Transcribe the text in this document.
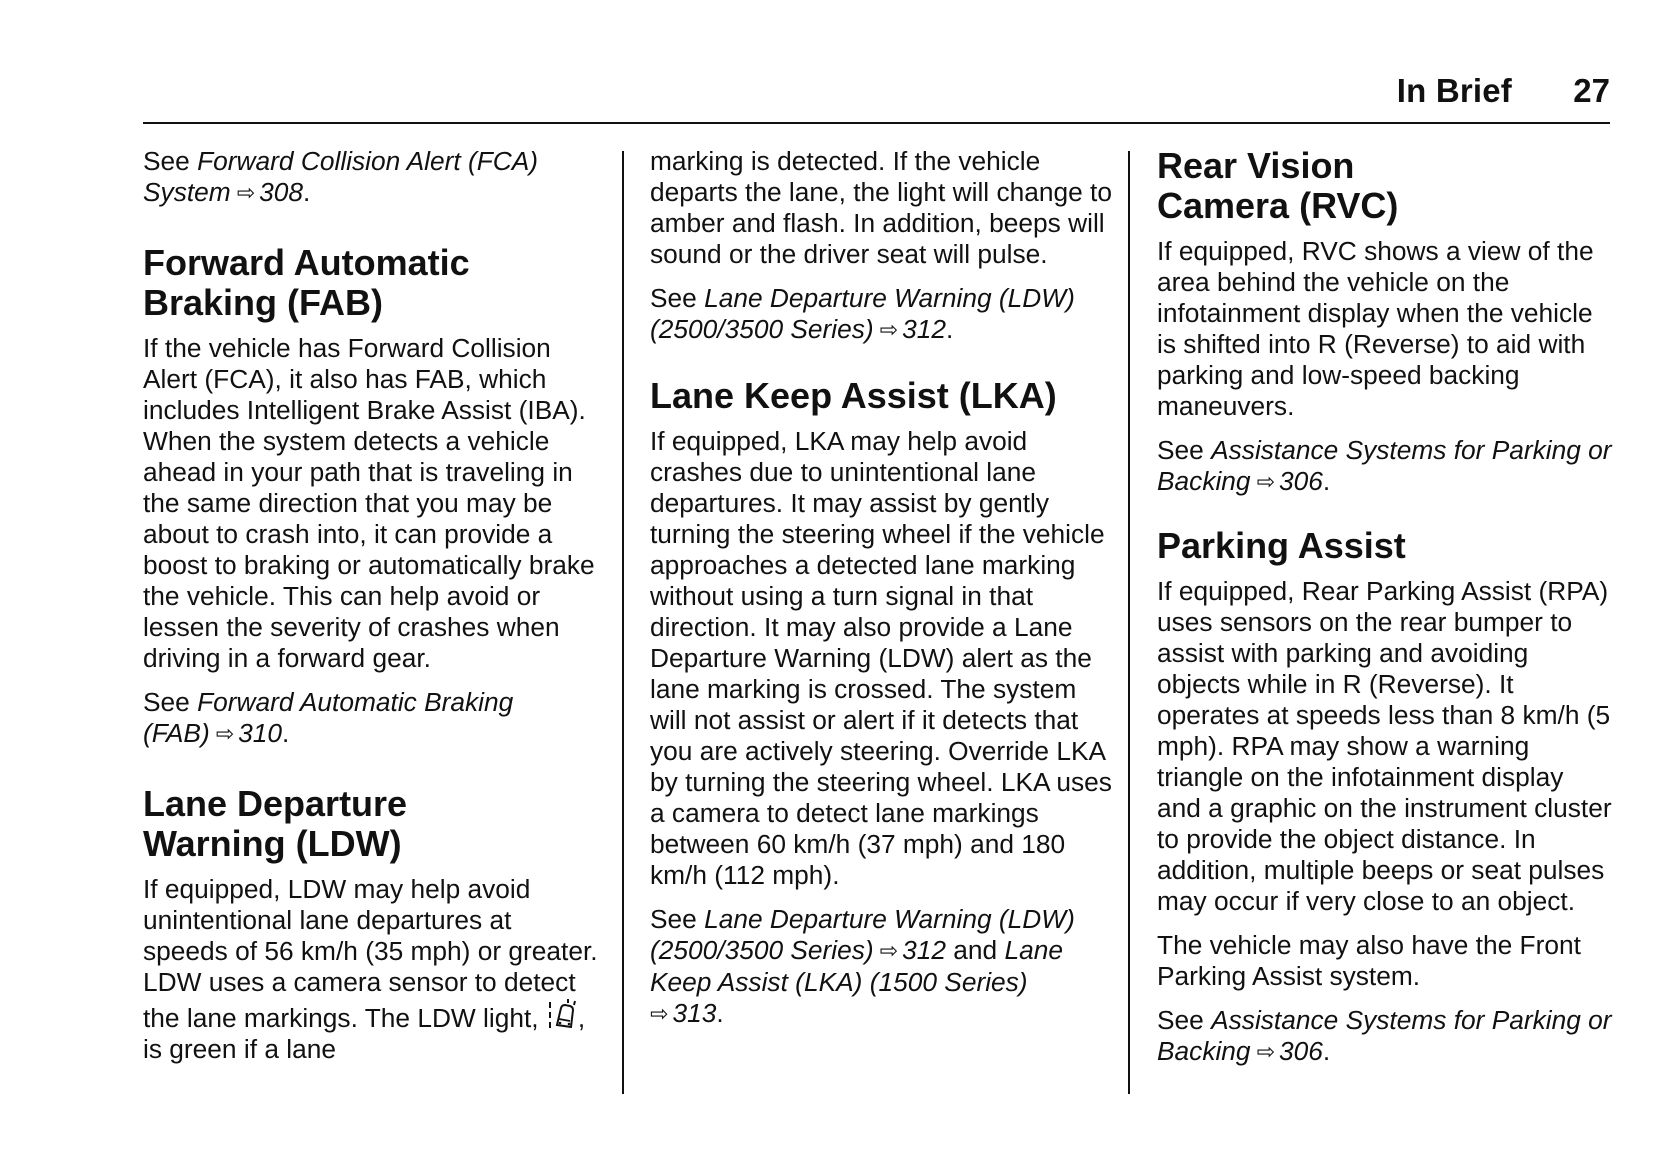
In Brief 27

See Forward Collision Alert (FCA) System ⇨ 308.

Forward Automatic
Braking (FAB)

If the vehicle has Forward Collision Alert (FCA), it also has FAB, which includes Intelligent Brake Assist (IBA). When the system detects a vehicle ahead in your path that is traveling in the same direction that you may be about to crash into, it can provide a boost to braking or automatically brake the vehicle. This can help avoid or lessen the severity of crashes when driving in a forward gear.

See Forward Automatic Braking (FAB) ⇨ 310.

Lane Departure
Warning (LDW)

If equipped, LDW may help avoid unintentional lane departures at speeds of 56 km/h (35 mph) or greater. LDW uses a camera sensor to detect the lane markings. The LDW light, , is green if a lane

marking is detected. If the vehicle departs the lane, the light will change to amber and flash. In addition, beeps will sound or the driver seat will pulse.

See Lane Departure Warning (LDW) (2500/3500 Series) ⇨ 312.

Lane Keep Assist (LKA)

If equipped, LKA may help avoid crashes due to unintentional lane departures. It may assist by gently turning the steering wheel if the vehicle approaches a detected lane marking without using a turn signal in that direction. It may also provide a Lane Departure Warning (LDW) alert as the lane marking is crossed. The system will not assist or alert if it detects that you are actively steering. Override LKA by turning the steering wheel. LKA uses a camera to detect lane markings between 60 km/h (37 mph) and 180 km/h (112 mph).

See Lane Departure Warning (LDW) (2500/3500 Series) ⇨ 312 and Lane Keep Assist (LKA) (1500 Series)
⇨ 313.

Rear Vision
Camera (RVC)

If equipped, RVC shows a view of the area behind the vehicle on the infotainment display when the vehicle is shifted into R (Reverse) to aid with parking and low-speed backing maneuvers.

See Assistance Systems for Parking or Backing ⇨ 306.

Parking Assist

If equipped, Rear Parking Assist (RPA) uses sensors on the rear bumper to assist with parking and avoiding objects while in R (Reverse). It operates at speeds less than 8 km/h (5 mph). RPA may show a warning triangle on the infotainment display and a graphic on the instrument cluster to provide the object distance. In addition, multiple beeps or seat pulses may occur if very close to an object.

The vehicle may also have the Front Parking Assist system.

See Assistance Systems for Parking or Backing ⇨ 306.
